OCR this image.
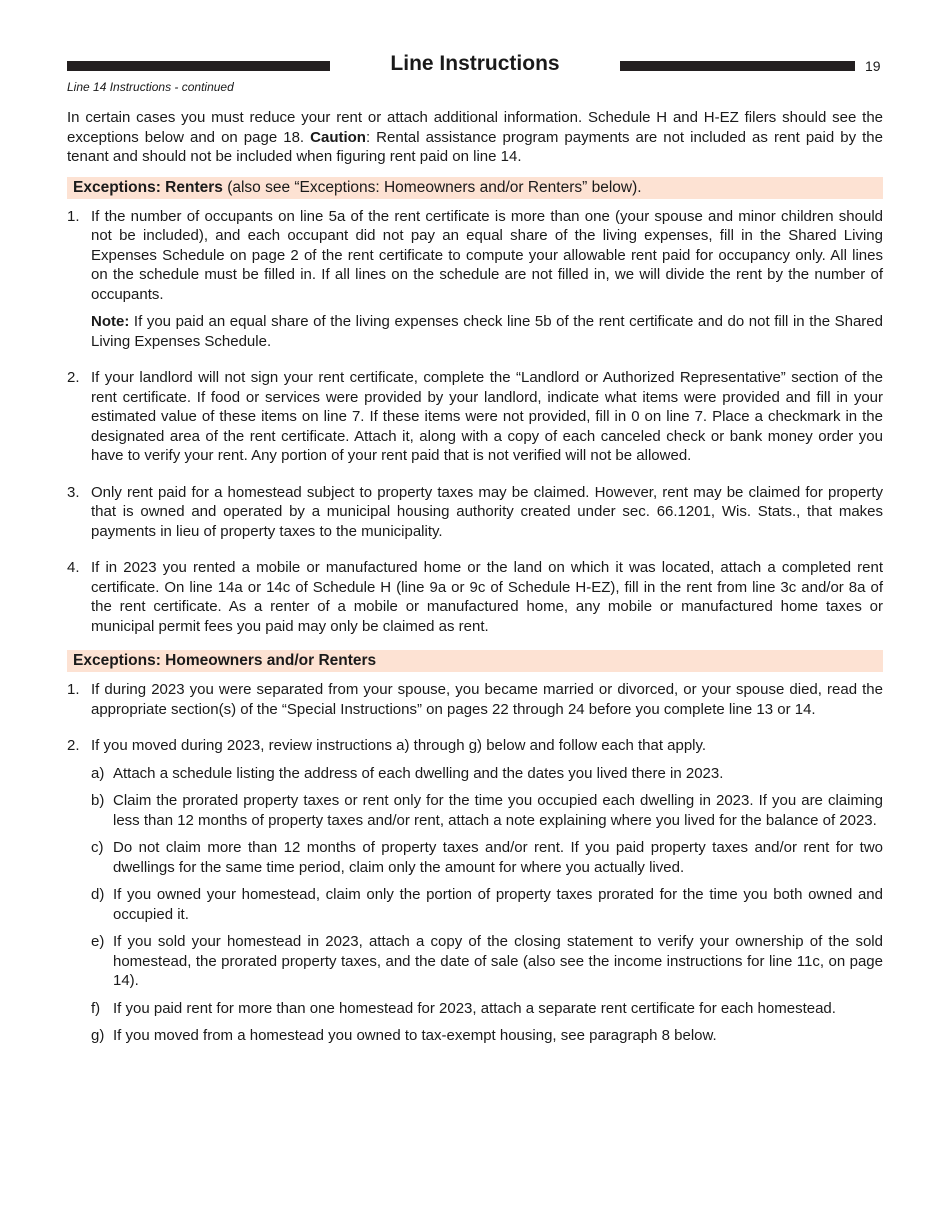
Line Instructions	19
Line 14 Instructions - continued

In certain cases you must reduce your rent or attach additional information. Schedule H and H-EZ filers should see the exceptions below and on page 18. Caution: Rental assistance program payments are not included as rent paid by the tenant and should not be included when figuring rent paid on line 14.

Exceptions: Renters (also see “Exceptions: Homeowners and/or Renters” below).
1. If the number of occupants on line 5a of the rent certificate is more than one (your spouse and minor children should not be included), and each occupant did not pay an equal share of the living expenses, fill in the Shared Living Expenses Schedule on page 2 of the rent certificate to compute your allowable rent paid for occupancy only. All lines on the schedule must be filled in. If all lines on the schedule are not filled in, we will divide the rent by the number of occupants.

Note: If you paid an equal share of the living expenses check line 5b of the rent certificate and do not fill in the Shared Living Expenses Schedule.

2. If your landlord will not sign your rent certificate, complete the “Landlord or Authorized Representative” section of the rent certificate. If food or services were provided by your landlord, indicate what items were provided and fill in your estimated value of these items on line 7. If these items were not provided, fill in 0 on line 7. Place a checkmark in the designated area of the rent certificate. Attach it, along with a copy of each canceled check or bank money order you have to verify your rent. Any portion of your rent paid that is not verified will not be allowed.
3. Only rent paid for a homestead subject to property taxes may be claimed. However, rent may be claimed for property that is owned and operated by a municipal housing authority created under sec. 66.1201, Wis. Stats., that makes payments in lieu of property taxes to the municipality.
4. If in 2023 you rented a mobile or manufactured home or the land on which it was located, attach a completed rent certificate. On line 14a or 14c of Schedule H (line 9a or 9c of Schedule H-EZ), fill in the rent from line 3c and/or 8a of the rent certificate. As a renter of a mobile or manufactured home, any mobile or manufactured home taxes or municipal permit fees you paid may only be claimed as rent.
Exceptions: Homeowners and/or Renters
1. If during 2023 you were separated from your spouse, you became married or divorced, or your spouse died, read the appropriate section(s) of the “Special Instructions” on pages 22 through 24 before you complete line 13 or 14.
2. If you moved during 2023, review instructions a) through g) below and follow each that apply.

a) Attach a schedule listing the address of each dwelling and the dates you lived there in 2023.
b) Claim the prorated property taxes or rent only for the time you occupied each dwelling in 2023. If you are claiming less than 12 months of property taxes and/or rent, attach a note explaining where you lived for the balance of 2023.
c) Do not claim more than 12 months of property taxes and/or rent. If you paid property taxes and/or rent for two dwellings for the same time period, claim only the amount for where you actually lived.
d) If you owned your homestead, claim only the portion of property taxes prorated for the time you both owned and occupied it.
e) If you sold your homestead in 2023, attach a copy of the closing statement to verify your ownership of the sold homestead, the prorated property taxes, and the date of sale (also see the income instructions for line 11c, on page 14).
f) If you paid rent for more than one homestead for 2023, attach a separate rent certificate for each homestead.
g) If you moved from a homestead you owned to tax-exempt housing, see paragraph 8 below.
